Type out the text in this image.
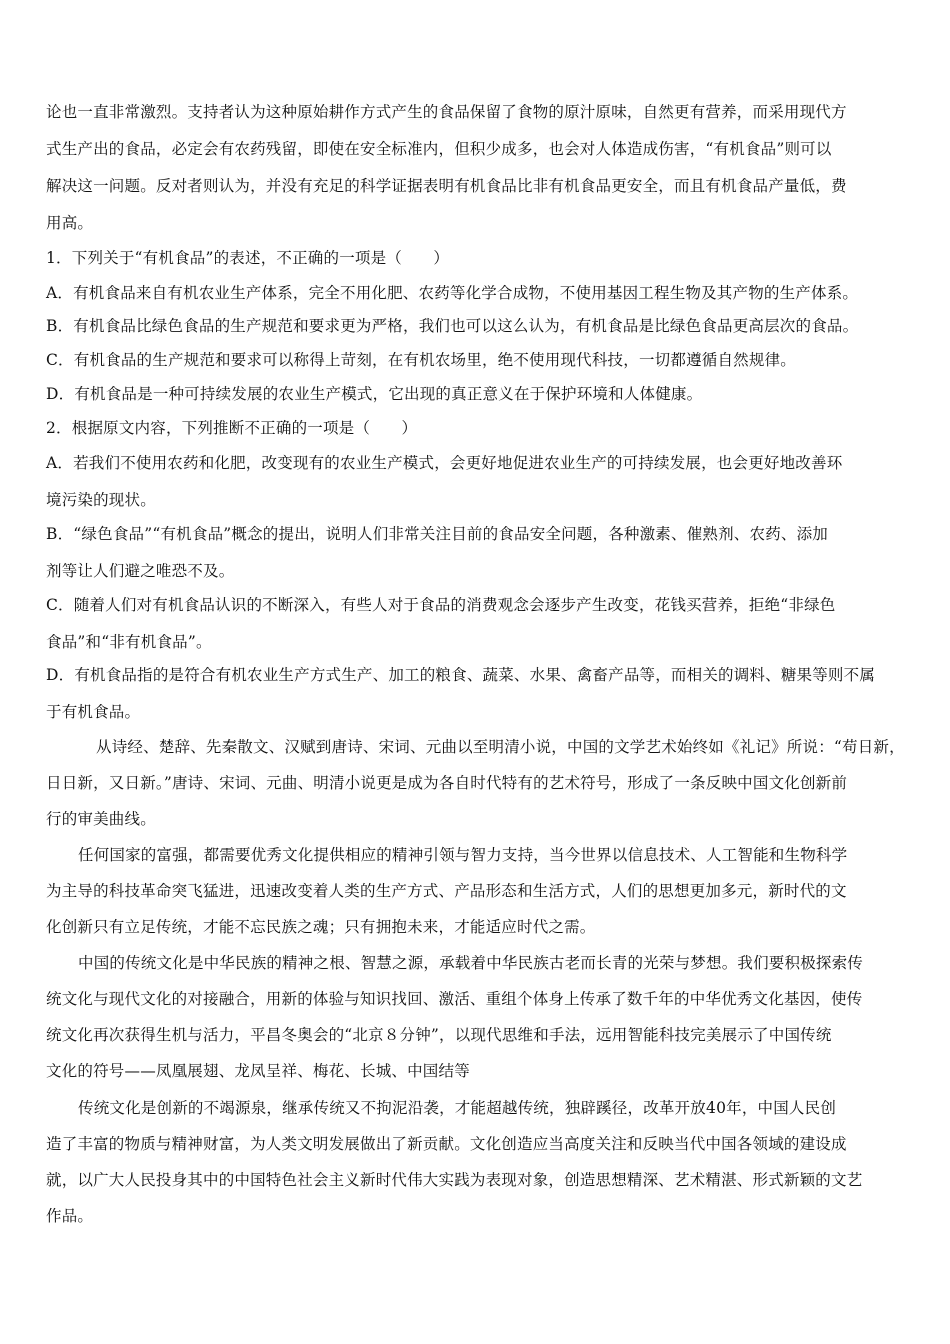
论也一直非常激烈。支持者认为这种原始耕作方式产生的食品保留了食物的原汁原味，自然更有营养，而采用现代方
式生产出的食品，必定会有农药残留，即使在安全标准内，但积少成多，也会对人体造成伤害，“有机食品”则可以
解决这一问题。反对者则认为，并没有充足的科学证据表明有机食品比非有机食品更安全，而且有机食品产量低，费
用高。
1．下列关于“有机食品”的表述，不正确的一项是（　　）
A．有机食品来自有机农业生产体系，完全不用化肥、农药等化学合成物，不使用基因工程生物及其产物的生产体系。
B．有机食品比绿色食品的生产规范和要求更为严格，我们也可以这么认为，有机食品是比绿色食品更高层次的食品。
C．有机食品的生产规范和要求可以称得上苛刻，在有机农场里，绝不使用现代科技，一切都遵循自然规律。
D．有机食品是一种可持续发展的农业生产模式，它出现的真正意义在于保护环境和人体健康。
2．根据原文内容，下列推断不正确的一项是（　　）
A．若我们不使用农药和化肥，改变现有的农业生产模式，会更好地促进农业生产的可持续发展，也会更好地改善环
境污染的现状。
B．“绿色食品”“有机食品”概念的提出，说明人们非常关注目前的食品安全问题，各种激素、催熟剂、农药、添加
剂等让人们避之唯恐不及。
C．随着人们对有机食品认识的不断深入，有些人对于食品的消费观念会逐步产生改变，花钱买营养，拒绝“非绿色
食品”和“非有机食品”。
D．有机食品指的是符合有机农业生产方式生产、加工的粮食、蔬菜、水果、禽畜产品等，而相关的调料、糖果等则不属
于有机食品。
从诗经、楚辞、先秦散文、汉赋到唐诗、宋词、元曲以至明清小说，中国的文学艺术始终如《礼记》所说：“苟日新，
日日新，又日新。”唐诗、宋词、元曲、明清小说更是成为各自时代特有的艺术符号，形成了一条反映中国文化创新前
行的审美曲线。
任何国家的富强，都需要优秀文化提供相应的精神引领与智力支持，当今世界以信息技术、人工智能和生物科学
为主导的科技革命突飞猛进，迅速改变着人类的生产方式、产品形态和生活方式，人们的思想更加多元，新时代的文
化创新只有立足传统，才能不忘民族之魂；只有拥抱未来，才能适应时代之需。
中国的传统文化是中华民族的精神之根、智慧之源，承载着中华民族古老而长青的光荣与梦想。我们要积极探索传
统文化与现代文化的对接融合，用新的体验与知识找回、激活、重组个体身上传承了数千年的中华优秀文化基因，使传
统文化再次获得生机与活力，平昌冬奥会的“北京８分钟”，以现代思维和手法，远用智能科技完美展示了中国传统
文化的符号——凤凰展翅、龙凤呈祥、梅花、长城、中国结等
传统文化是创新的不竭源泉，继承传统又不拘泥沿袭，才能超越传统，独辟蹊径，改革开放40年，中国人民创
造了丰富的物质与精神财富，为人类文明发展做出了新贡献。文化创造应当高度关注和反映当代中国各领域的建设成
就，以广大人民投身其中的中国特色社会主义新时代伟大实践为表现对象，创造思想精深、艺术精湛、形式新颖的文艺
作品。
